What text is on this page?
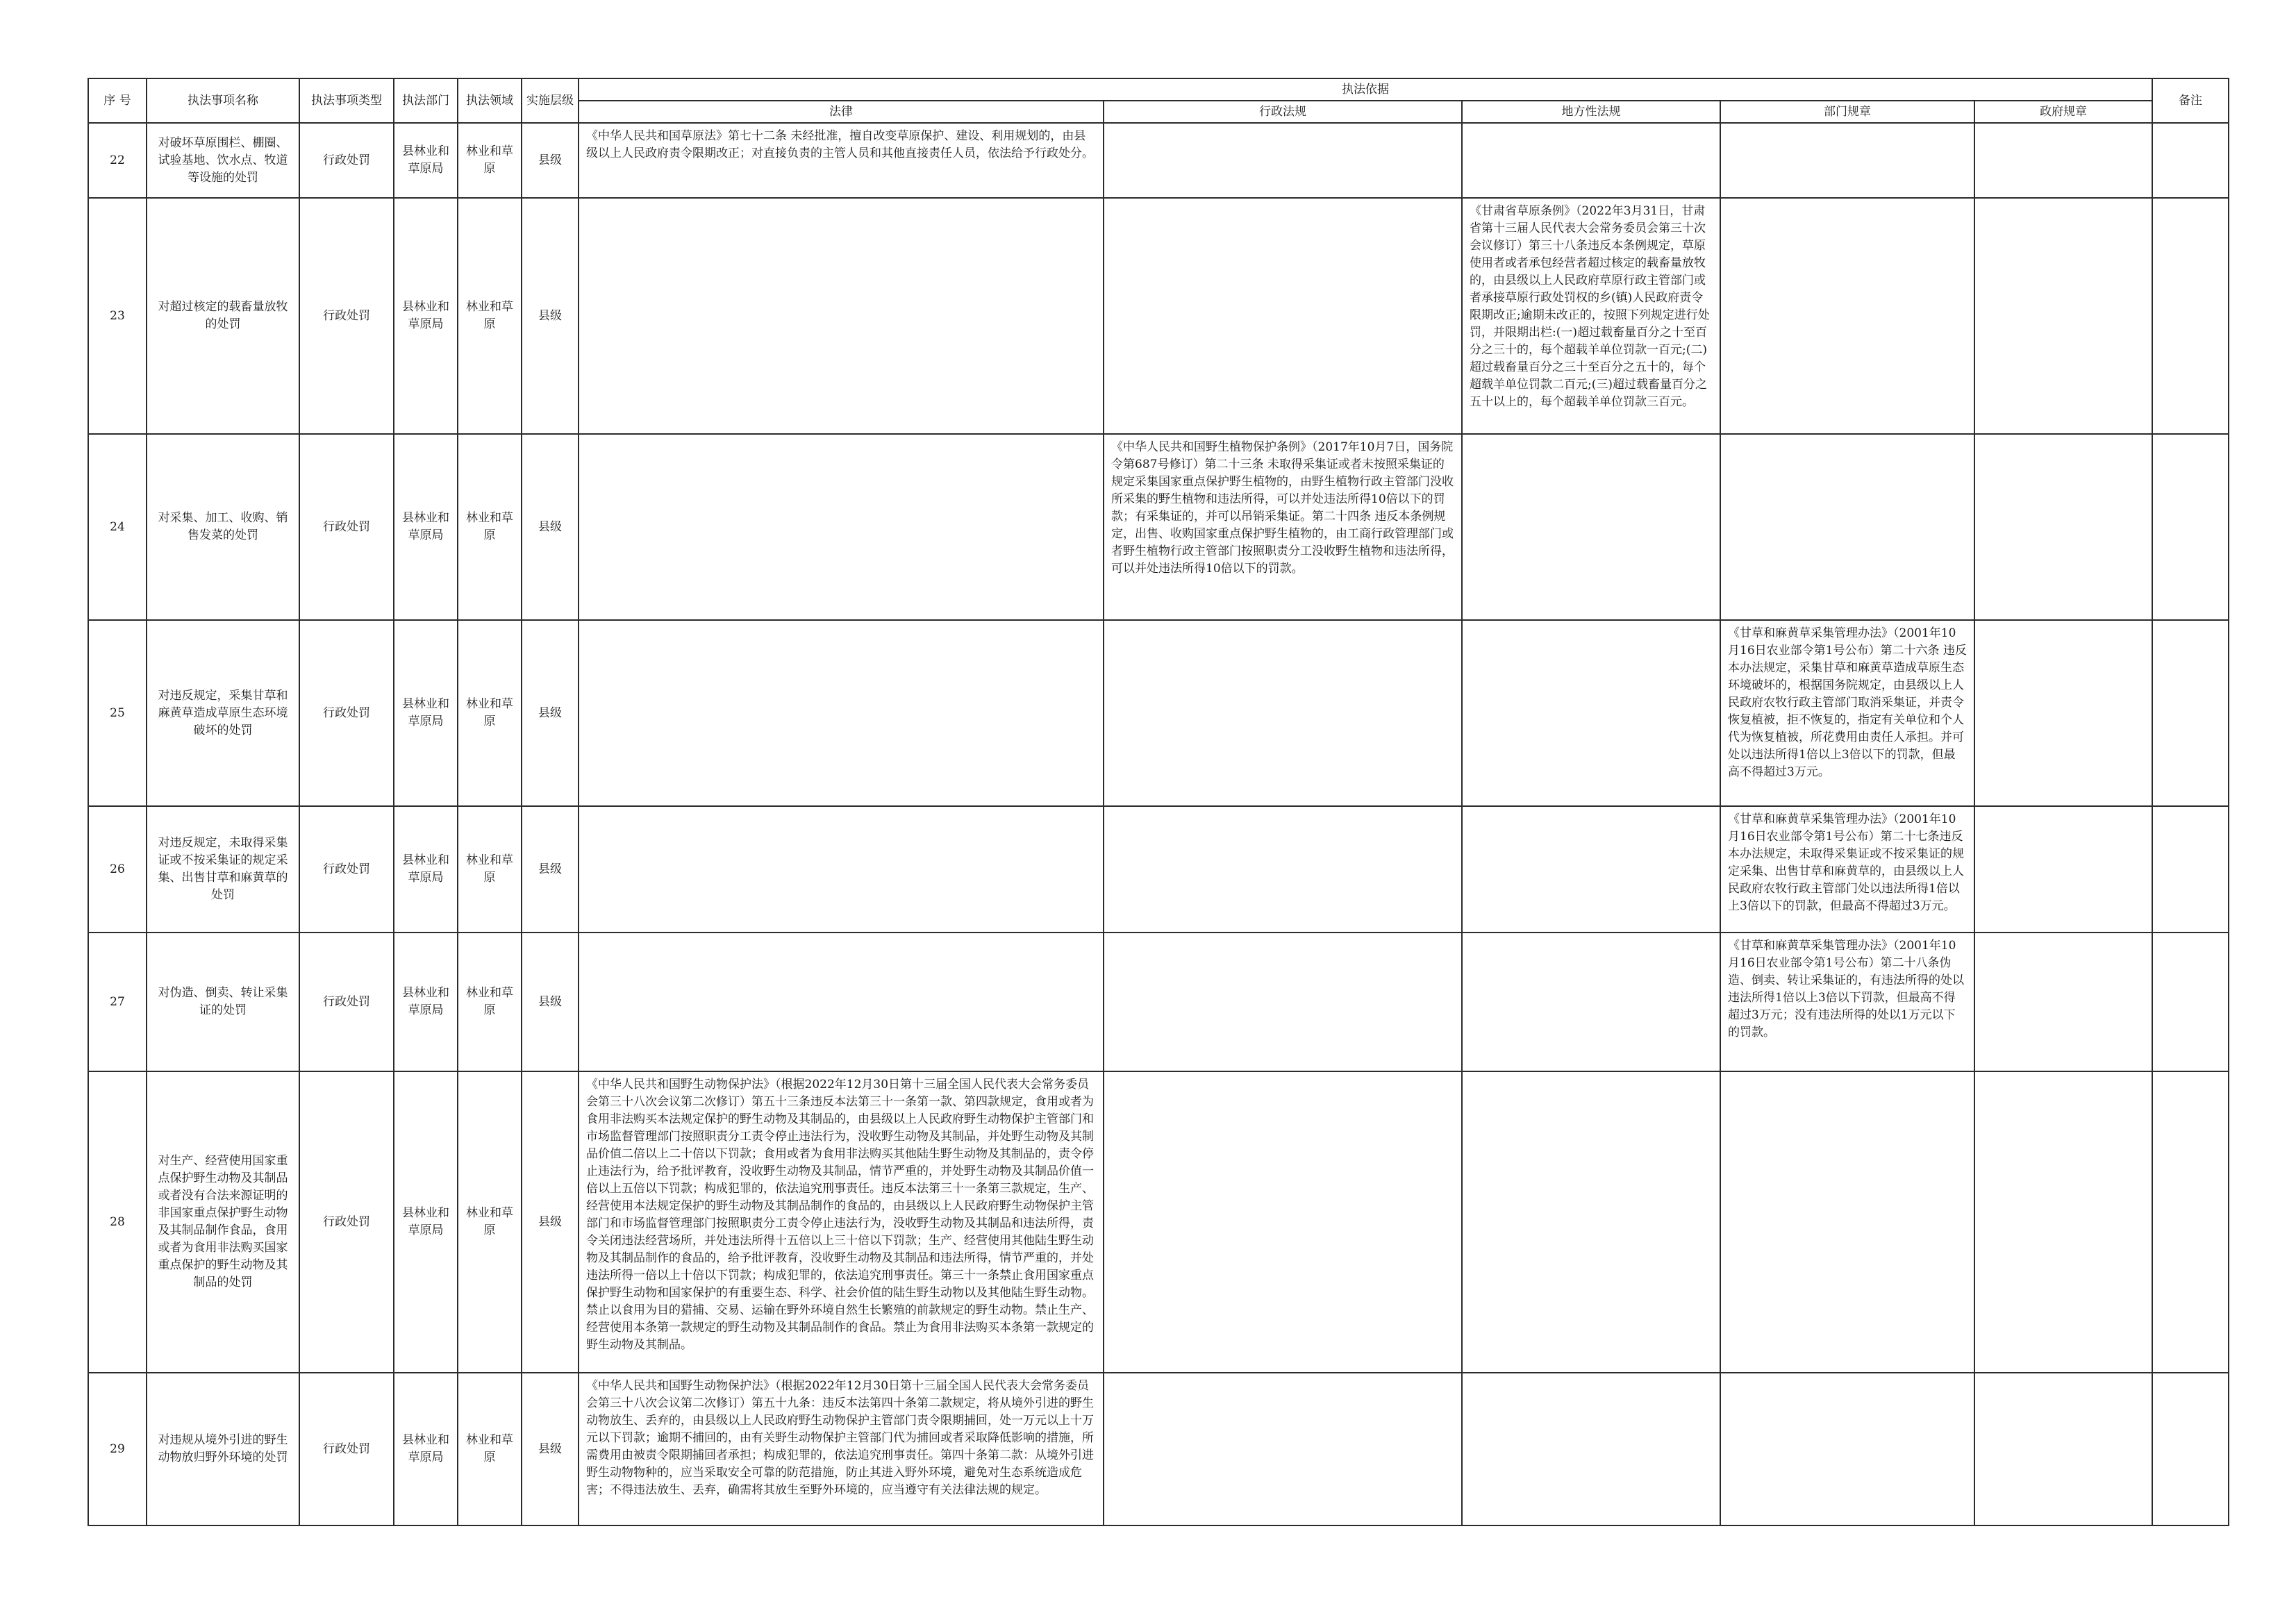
序 号	执法事项名称	执法事项类型	执法部门	执法领域	实施层级	执法依据					备注
						法律	行政法规	地方性法规	部门规章	政府规章	
22	对破坏草原围栏、棚圈、试验基地、饮水点、牧道等设施的处罚	行政处罚	县林业和草原局	林业和草原	县级	《中华人民共和国草原法》第七十二条 未经批准，擅自改变草原保护、建设、利用规划的，由县级以上人民政府责令限期改正；对直接负责的主管人员和其他直接责任人员，依法给予行政处分。					
23	对超过核定的载畜量放牧的处罚	行政处罚	县林业和草原局	林业和草原	县级			《甘肃省草原条例》（2022年3月31日，甘肃省第十三届人民代表大会常务委员会第三十次会议修订）第三十八条违反本条例规定，草原使用者或者承包经营者超过核定的载畜量放牧的，由县级以上人民政府草原行政主管部门或者承接草原行政处罚权的乡(镇)人民政府责令限期改正;逾期未改正的，按照下列规定进行处罚，并限期出栏:(一)超过载畜量百分之十至百分之三十的，每个超载羊单位罚款一百元;(二)超过载畜量百分之三十至百分之五十的，每个超载羊单位罚款二百元;(三)超过载畜量百分之五十以上的，每个超载羊单位罚款三百元。			
24	对采集、加工、收购、销售发菜的处罚	行政处罚	县林业和草原局	林业和草原	县级		《中华人民共和国野生植物保护条例》（2017年10月7日，国务院令第687号修订）第二十三条 未取得采集证或者未按照采集证的规定采集国家重点保护野生植物的，由野生植物行政主管部门没收所采集的野生植物和违法所得，可以并处违法所得10倍以下的罚款；有采集证的，并可以吊销采集证。第二十四条 违反本条例规定，出售、收购国家重点保护野生植物的，由工商行政管理部门或者野生植物行政主管部门按照职责分工没收野生植物和违法所得，可以并处违法所得10倍以下的罚款。				
25	对违反规定，采集甘草和麻黄草造成草原生态环境破坏的处罚	行政处罚	县林业和草原局	林业和草原	县级				《甘草和麻黄草采集管理办法》（2001年10月16日农业部令第1号公布）第二十六条 违反本办法规定，采集甘草和麻黄草造成草原生态环境破坏的，根据国务院规定，由县级以上人民政府农牧行政主管部门取消采集证，并责令恢复植被，拒不恢复的，指定有关单位和个人代为恢复植被，所花费用由责任人承担。并可处以违法所得1倍以上3倍以下的罚款，但最高不得超过3万元。		
26	对违反规定，未取得采集证或不按采集证的规定采集、出售甘草和麻黄草的处罚	行政处罚	县林业和草原局	林业和草原	县级				《甘草和麻黄草采集管理办法》（2001年10月16日农业部令第1号公布）第二十七条违反本办法规定，未取得采集证或不按采集证的规定采集、出售甘草和麻黄草的，由县级以上人民政府农牧行政主管部门处以违法所得1倍以上3倍以下的罚款，但最高不得超过3万元。		
27	对伪造、倒卖、转让采集证的处罚	行政处罚	县林业和草原局	林业和草原	县级				《甘草和麻黄草采集管理办法》（2001年10月16日农业部令第1号公布）第二十八条伪造、倒卖、转让采集证的，有违法所得的处以违法所得1倍以上3倍以下罚款，但最高不得超过3万元；没有违法所得的处以1万元以下的罚款。		
28	对生产、经营使用国家重点保护野生动物及其制品或者没有合法来源证明的非国家重点保护野生动物及其制品制作食品，食用或者为食用非法购买国家重点保护的野生动物及其制品的处罚	行政处罚	县林业和草原局	林业和草原	县级	《中华人民共和国野生动物保护法》（根据2022年12月30日第十三届全国人民代表大会常务委员会第三十八次会议第二次修订）第五十三条违反本法第三十一条第一款、第四款规定，食用或者为食用非法购买本法规定保护的野生动物及其制品的，由县级以上人民政府野生动物保护主管部门和市场监督管理部门按照职责分工责令停止违法行为，没收野生动物及其制品，并处野生动物及其制品价值二倍以上二十倍以下罚款；食用或者为食用非法购买其他陆生野生动物及其制品的，责令停止违法行为，给予批评教育，没收野生动物及其制品，情节严重的，并处野生动物及其制品价值一倍以上五倍以下罚款；构成犯罪的，依法追究刑事责任。违反本法第三十一条第三款规定，生产、经营使用本法规定保护的野生动物及其制品制作的食品的，由县级以上人民政府野生动物保护主管部门和市场监督管理部门按照职责分工责令停止违法行为，没收野生动物及其制品和违法所得，责令关闭违法经营场所，并处违法所得十五倍以上三十倍以下罚款；生产、经营使用其他陆生野生动物及其制品制作的食品的，给予批评教育，没收野生动物及其制品和违法所得，情节严重的，并处违法所得一倍以上十倍以下罚款；构成犯罪的，依法追究刑事责任。第三十一条禁止食用国家重点保护野生动物和国家保护的有重要生态、科学、社会价值的陆生野生动物以及其他陆生野生动物。禁止以食用为目的猎捕、交易、运输在野外环境自然生长繁殖的前款规定的野生动物。禁止生产、经营使用本条第一款规定的野生动物及其制品制作的食品。禁止为食用非法购买本条第一款规定的野生动物及其制品。					
29	对违规从境外引进的野生动物放归野外环境的处罚	行政处罚	县林业和草原局	林业和草原	县级	《中华人民共和国野生动物保护法》（根据2022年12月30日第十三届全国人民代表大会常务委员会第三十八次会议第二次修订）第五十九条：违反本法第四十条第二款规定，将从境外引进的野生动物放生、丢弃的，由县级以上人民政府野生动物保护主管部门责令限期捕回，处一万元以上十万元以下罚款；逾期不捕回的，由有关野生动物保护主管部门代为捕回或者采取降低影响的措施，所需费用由被责令限期捕回者承担；构成犯罪的，依法追究刑事责任。第四十条第二款：从境外引进野生动物物种的，应当采取安全可靠的防范措施，防止其进入野外环境，避免对生态系统造成危害；不得违法放生、丢弃，确需将其放生至野外环境的，应当遵守有关法律法规的规定。					
